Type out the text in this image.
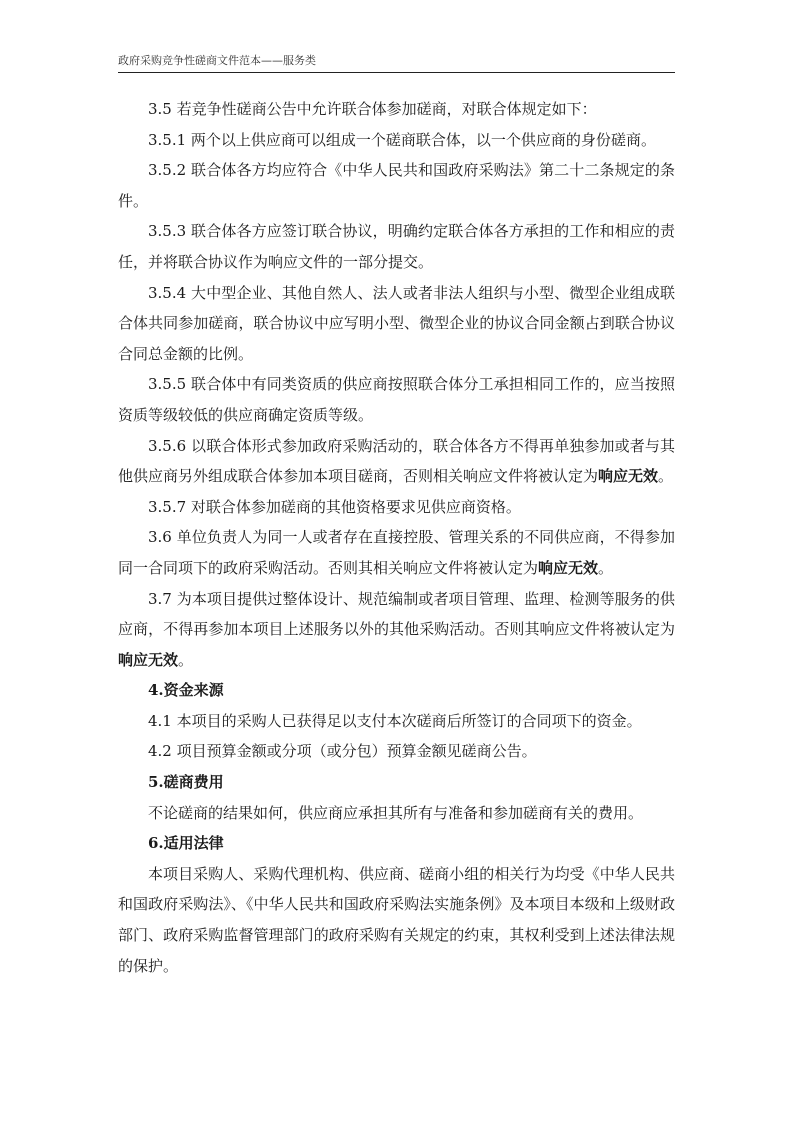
政府采购竞争性磋商文件范本——服务类

3.5 若竞争性磋商公告中允许联合体参加磋商，对联合体规定如下：

3.5.1 两个以上供应商可以组成一个磋商联合体，以一个供应商的身份磋商。

3.5.2 联合体各方均应符合《中华人民共和国政府采购法》第二十二条规定的条件。

3.5.3 联合体各方应签订联合协议，明确约定联合体各方承担的工作和相应的责任，并将联合协议作为响应文件的一部分提交。

3.5.4 大中型企业、其他自然人、法人或者非法人组织与小型、微型企业组成联合体共同参加磋商，联合协议中应写明小型、微型企业的协议合同金额占到联合协议合同总金额的比例。

3.5.5 联合体中有同类资质的供应商按照联合体分工承担相同工作的，应当按照资质等级较低的供应商确定资质等级。

3.5.6 以联合体形式参加政府采购活动的，联合体各方不得再单独参加或者与其他供应商另外组成联合体参加本项目磋商，否则相关响应文件将被认定为响应无效。

3.5.7 对联合体参加磋商的其他资格要求见供应商资格。

3.6 单位负责人为同一人或者存在直接控股、管理关系的不同供应商，不得参加同一合同项下的政府采购活动。否则其相关响应文件将被认定为响应无效。

3.7 为本项目提供过整体设计、规范编制或者项目管理、监理、检测等服务的供应商，不得再参加本项目上述服务以外的其他采购活动。否则其响应文件将被认定为响应无效。

4.资金来源

4.1 本项目的采购人已获得足以支付本次磋商后所签订的合同项下的资金。

4.2 项目预算金额或分项（或分包）预算金额见磋商公告。

5.磋商费用

不论磋商的结果如何，供应商应承担其所有与准备和参加磋商有关的费用。

6.适用法律

本项目采购人、采购代理机构、供应商、磋商小组的相关行为均受《中华人民共和国政府采购法》、《中华人民共和国政府采购法实施条例》及本项目本级和上级财政部门、政府采购监督管理部门的政府采购有关规定的约束，其权利受到上述法律法规的保护。
